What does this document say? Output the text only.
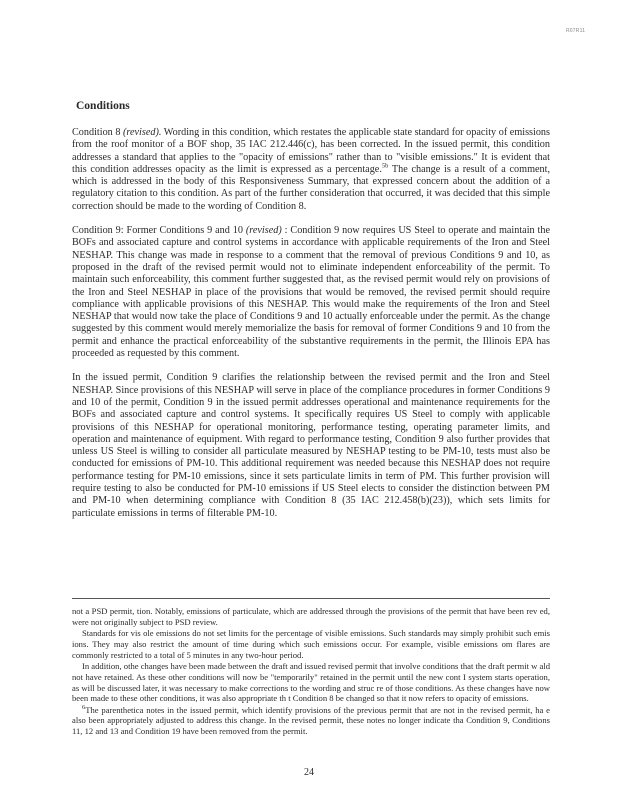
R07R11
Conditions

Condition 8 (revised). Wording in this condition, which restates the applicable state standard for opacity of emissions from the roof monitor of a BOF shop, 35 IAC 212.446(c), has been corrected. In the issued permit, this condition addresses a standard that applies to the "opacity of emissions" rather than to "visible emissions." It is evident that this condition addresses opacity as the limit is expressed as a percentage.$^{5b}$ The change is a result of a comment, which is addressed in the body of this Responsiveness Summary, that expressed concern about the addition of a regulatory citation to this condition. As part of the further consideration that occurred, it was decided that this simple correction should be made to the wording of Condition 8.

Condition 9: Former Conditions 9 and 10 (revised) : Condition 9 now requires US Steel to operate and maintain the BOFs and associated capture and control systems in accordance with applicable requirements of the Iron and Steel NESHAP. This change was made in response to a comment that the removal of previous Conditions 9 and 10, as proposed in the draft of the revised permit would not to eliminate independent enforceability of the permit. To maintain such enforceability, this comment further suggested that, as the revised permit would rely on provisions of the Iron and Steel NESHAP in place of the provisions that would be removed, the revised permit should require compliance with applicable provisions of this NESHAP. This would make the requirements of the Iron and Steel NESHAP that would now take the place of Conditions 9 and 10 actually enforceable under the permit. As the change suggested by this comment would merely memorialize the basis for removal of former Conditions 9 and 10 from the permit and enhance the practical enforceability of the substantive requirements in the permit, the Illinois EPA has proceeded as requested by this comment.

In the issued permit, Condition 9 clarifies the relationship between the revised permit and the Iron and Steel NESHAP. Since provisions of this NESHAP will serve in place of the compliance procedures in former Conditions 9 and 10 of the permit, Condition 9 in the issued permit addresses operational and maintenance requirements for the BOFs and associated capture and control systems. It specifically requires US Steel to comply with applicable provisions of this NESHAP for operational monitoring, performance testing, operating parameter limits, and operation and maintenance of equipment. With regard to performance testing, Condition 9 also further provides that unless US Steel is willing to consider all particulate measured by NESHAP testing to be PM-10, tests must also be conducted for emissions of PM-10. This additional requirement was needed because this NESHAP does not require performance testing for PM-10 emissions, since it sets particulate limits in term of PM. This further provision will require testing to also be conducted for PM-10 emissions if US Steel elects to consider the distinction between PM and PM-10 when determining compliance with Condition 8 (35 IAC 212.458(b)(23)), which sets limits for particulate emissions in terms of filterable PM-10.

not a PSD permit, tion. Notably, emissions of particulate, which are addressed through the provisions of the permit that have been rev ed, were not originally subject to PSD review.

Standards for vis ole emissions do not set limits for the percentage of visible emissions. Such standards may simply prohibit such emis ions. They may also restrict the amount of time during which such emissions occur. For example, visible emissions om flares are commonly restricted to a total of 5 minutes in any two-hour period.

In addition, othe changes have been made between the draft and issued revised permit that involve conditions that the draft permit w ald not have retained. As these other conditions will now be "temporarily" retained in the permit until the new cont I system starts operation, as will be discussed later, it was necessary to make corrections to the wording and struc re of those conditions. As these changes have now been made to these other conditions, it was also appropriate th t Condition 8 be changed so that it now refers to opacity of emissions.

$^6$The parenthetica notes in the issued permit, which identify provisions of the previous permit that are not in the revised permit, ha e also been appropriately adjusted to address this change. In the revised permit, these notes no longer indicate tha Condition 9, Conditions 11, 12 and 13 and Condition 19 have been removed from the permit.

24
